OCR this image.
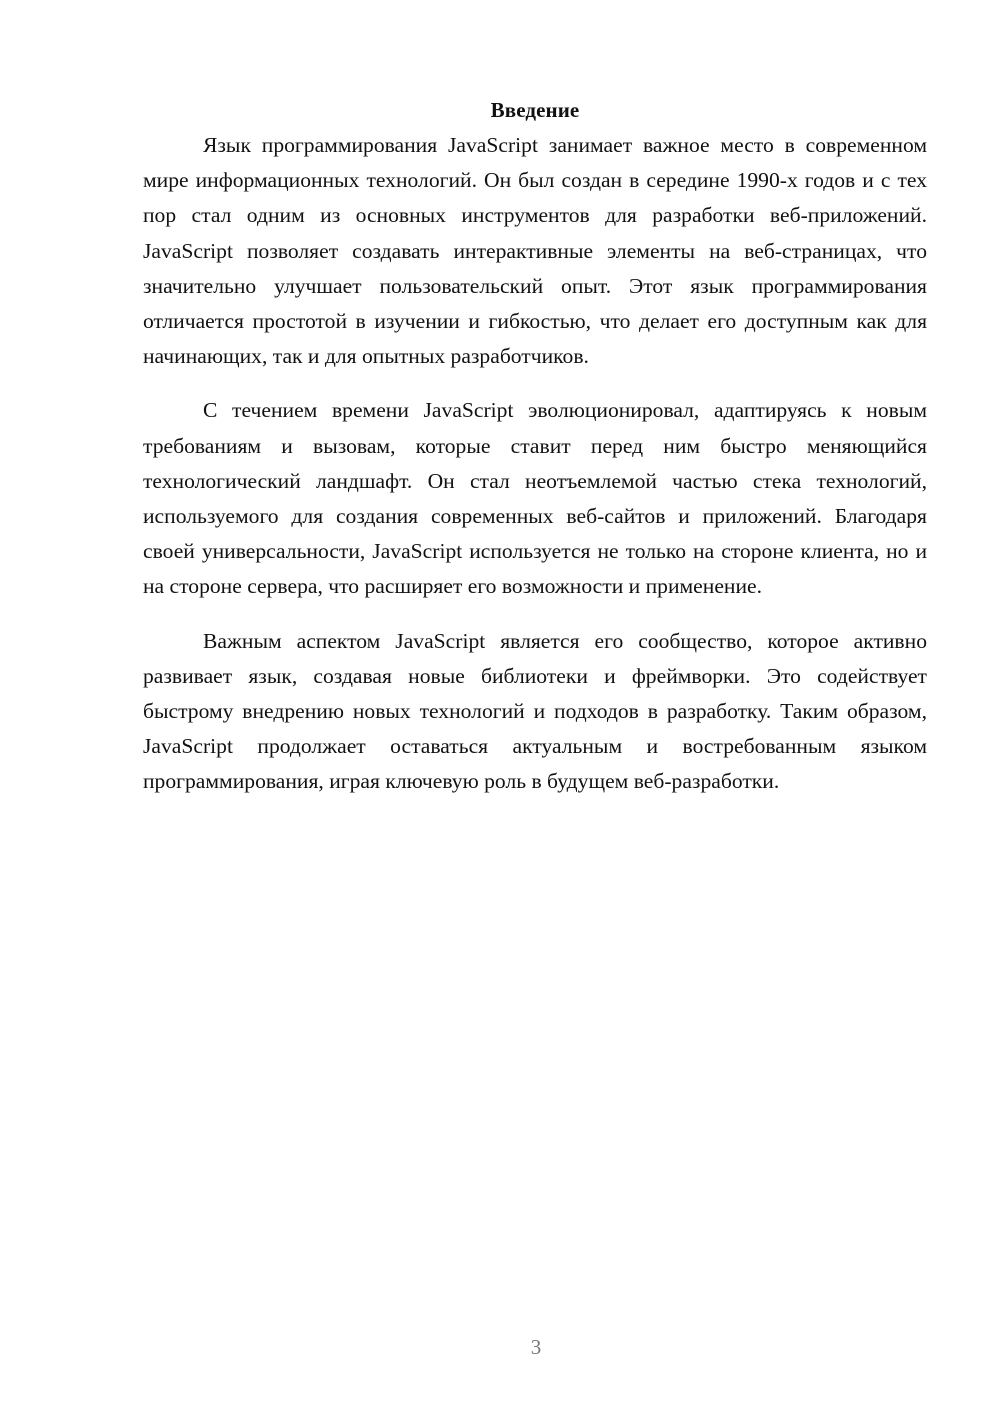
Введение

Язык программирования JavaScript занимает важное место в современном мире информационных технологий. Он был создан в середине 1990-х годов и с тех пор стал одним из основных инструментов для разработки веб-приложений. JavaScript позволяет создавать интерактивные элементы на веб-страницах, что значительно улучшает пользовательский опыт. Этот язык программирования отличается простотой в изучении и гибкостью, что делает его доступным как для начинающих, так и для опытных разработчиков.

С течением времени JavaScript эволюционировал, адаптируясь к новым требованиям и вызовам, которые ставит перед ним быстро меняющийся технологический ландшафт. Он стал неотъемлемой частью стека технологий, используемого для создания современных веб-сайтов и приложений. Благодаря своей универсальности, JavaScript используется не только на стороне клиента, но и на стороне сервера, что расширяет его возможности и применение.

Важным аспектом JavaScript является его сообщество, которое активно развивает язык, создавая новые библиотеки и фреймворки. Это содействует быстрому внедрению новых технологий и подходов в разработку. Таким образом, JavaScript продолжает оставаться актуальным и востребованным языком программирования, играя ключевую роль в будущем веб-разработки.

3
